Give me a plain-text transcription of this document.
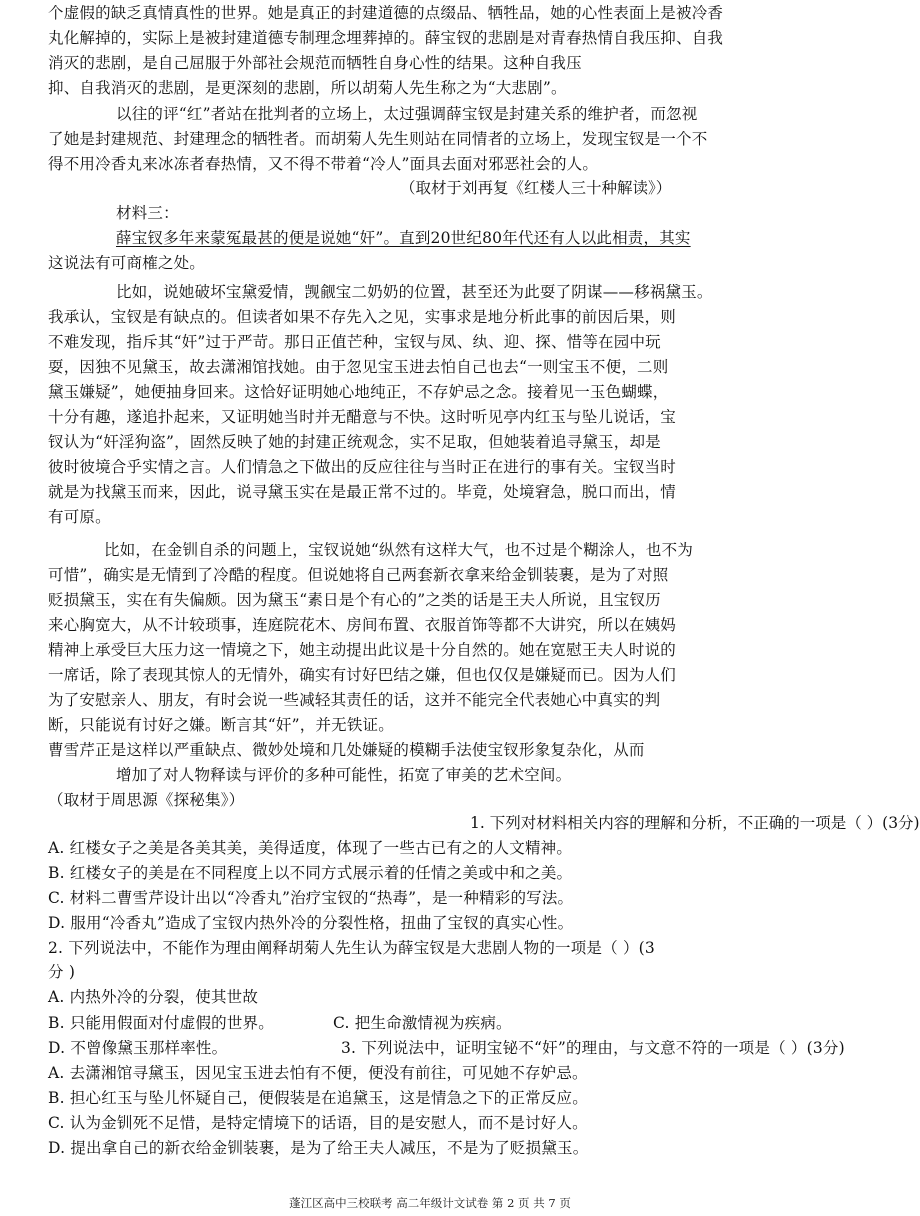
个虚假的缺乏真情真性的世界。她是真正的封建道德的点缀品、牺牲品，她的心性表面上是被冷香
丸化解掉的，实际上是被封建道德专制理念埋葬掉的。薛宝钗的悲剧是对青春热情自我压抑、自我
消灭的悲剧，是自己屈服于外部社会规范而牺牲自身心性的结果。这种自我压
抑、自我消灭的悲剧，是更深刻的悲剧，所以胡菊人先生称之为“大悲剧”。
以往的评“红”者站在批判者的立场上，太过强调薛宝钗是封建关系的维护者，而忽视
了她是封建规范、封建理念的牺牲者。而胡菊人先生则站在同情者的立场上，发现宝钗是一个不
得不用冷香丸来冰冻者春热情，又不得不带着“冷人”面具去面对邪恶社会的人。
（取材于刘再复《红楼人三十种解读》）
材料三：
薛宝钗多年来蒙冤最甚的便是说她“奸”。直到20世纪80年代还有人以此相责，其实
这说法有可商榷之处。
比如，说她破坏宝黛爱情，觊觎宝二奶奶的位置，甚至还为此耍了阴谋——移祸黛玉。
我承认，宝钗是有缺点的。但读者如果不存先入之见，实事求是地分析此事的前因后果，则
不难发现，指斥其“奸”过于严苛。那日正值芒种，宝钗与凤、纨、迎、探、惜等在园中玩
耍，因独不见黛玉，故去潇湘馆找她。由于忽见宝玉进去怕自己也去“一则宝玉不便，二则
黛玉嫌疑”，她便抽身回来。这恰好证明她心地纯正，不存妒忌之念。接着见一玉色蝴蝶，
十分有趣，遂追扑起来，又证明她当时并无醋意与不快。这时听见亭内红玉与坠儿说话，宝
钗认为“奸淫狗盗”，固然反映了她的封建正统观念，实不足取，但她装着追寻黛玉，却是
彼时彼境合乎实情之言。人们情急之下做出的反应往往与当时正在进行的事有关。宝钗当时
就是为找黛玉而来，因此，说寻黛玉实在是最正常不过的。毕竟，处境窘急，脱口而出，情
有可原。
比如，在金钏自杀的问题上，宝钗说她“纵然有这样大气，也不过是个糊涂人，也不为
可惜”，确实是无情到了冷酷的程度。但说她将自己两套新衣拿来给金钏装裹，是为了对照
贬损黛玉，实在有失偏颇。因为黛玉“素日是个有心的”之类的话是王夫人所说，且宝钗历
来心胸宽大，从不计较琐事，连庭院花木、房间布置、衣服首饰等都不大讲究，所以在姨妈
精神上承受巨大压力这一情境之下，她主动提出此议是十分自然的。她在宽慰王夫人时说的
一席话，除了表现其惊人的无情外，确实有讨好巴结之嫌，但也仅仅是嫌疑而已。因为人们
为了安慰亲人、朋友，有时会说一些减轻其责任的话，这并不能完全代表她心中真实的判
断，只能说有讨好之嫌。断言其“奸”，并无铁证。
曹雪芹正是这样以严重缺点、微妙处境和几处嫌疑的模糊手法使宝钗形象复杂化，从而
增加了对人物释读与评价的多种可能性，拓宽了审美的艺术空间。
（取材于周思源《探秘集》）
1. 下列对材料相关内容的理解和分析，不正确的一项是（ ）(3分)
A. 红楼女子之美是各美其美，美得适度，体现了一些古已有之的人文精神。
B. 红楼女子的美是在不同程度上以不同方式展示着的任情之美或中和之美。
C. 材料二曹雪芹设计出以“冷香丸”治疗宝钗的“热毒”，是一种精彩的写法。
D. 服用“冷香丸”造成了宝钗内热外冷的分裂性格，扭曲了宝钗的真实心性。
2. 下列说法中，不能作为理由阐释胡菊人先生认为薛宝钗是大悲剧人物的一项是（ ）(3
分 )
A. 内热外冷的分裂，使其世故
B. 只能用假面对付虚假的世界。	C. 把生命激情视为疾病。
D. 不曾像黛玉那样率性。	3. 下列说法中，证明宝铋不“奸”的理由，与文意不符的一项是（ ）(3分)
A. 去潇湘馆寻黛玉，因见宝玉进去怕有不便，便没有前往，可见她不存妒忌。
B. 担心红玉与坠儿怀疑自己，便假装是在追黛玉，这是情急之下的正常反应。
C. 认为金钏死不足惜，是特定情境下的话语，目的是安慰人，而不是讨好人。
D. 提出拿自己的新衣给金钏装裹，是为了给王夫人减压，不是为了贬损黛玉。
蓬江区高中三校联考 高二年级计文试卷 第 2 页 共 7 页
